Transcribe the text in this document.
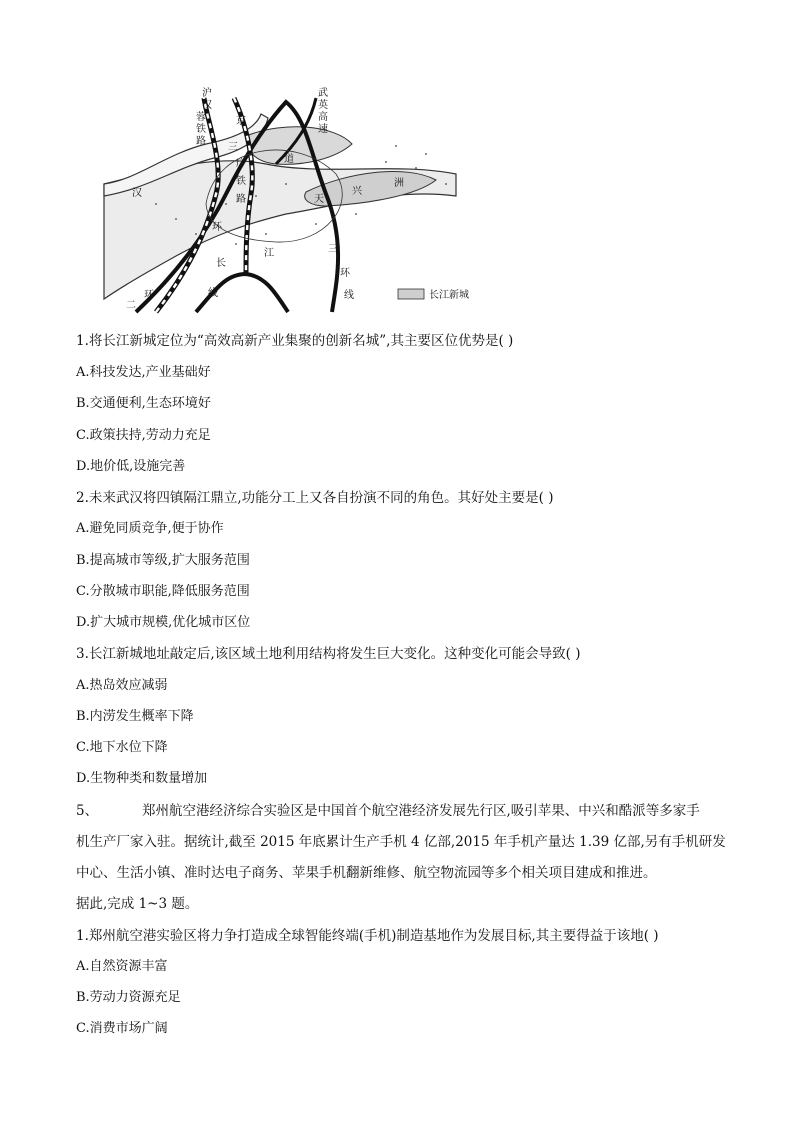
沪
汉
蓉
铁
路
武
英
高
速
京
广
铁
路
汉
道
天
兴
洲
长
江	三
环
线
二
环	线
三
环
长江新城
1.将长江新城定位为“高效高新产业集聚的创新名城”,其主要区位优势是( )
A.科技发达,产业基础好
B.交通便利,生态环境好
C.政策扶持,劳动力充足
D.地价低,设施完善
2.未来武汉将四镇隔江鼎立,功能分工上又各自扮演不同的角色。其好处主要是( )
A.避免同质竞争,便于协作
B.提高城市等级,扩大服务范围
C.分散城市职能,降低服务范围
D.扩大城市规模,优化城市区位
3.长江新城地址敲定后,该区域土地利用结构将发生巨大变化。这种变化可能会导致( )
A.热岛效应减弱
B.内涝发生概率下降
C.地下水位下降
D.生物种类和数量增加
5、	郑州航空港经济综合实验区是中国首个航空港经济发展先行区,吸引苹果、中兴和酷派等多家手
机生产厂家入驻。据统计,截至 2015 年底累计生产手机 4 亿部,2015 年手机产量达 1.39 亿部,另有手机研发
中心、生活小镇、准时达电子商务、苹果手机翻新维修、航空物流园等多个相关项目建成和推进。
据此,完成 1~3 题。
1.郑州航空港实验区将力争打造成全球智能终端(手机)制造基地作为发展目标,其主要得益于该地( )
A.自然资源丰富
B.劳动力资源充足
C.消费市场广阔
